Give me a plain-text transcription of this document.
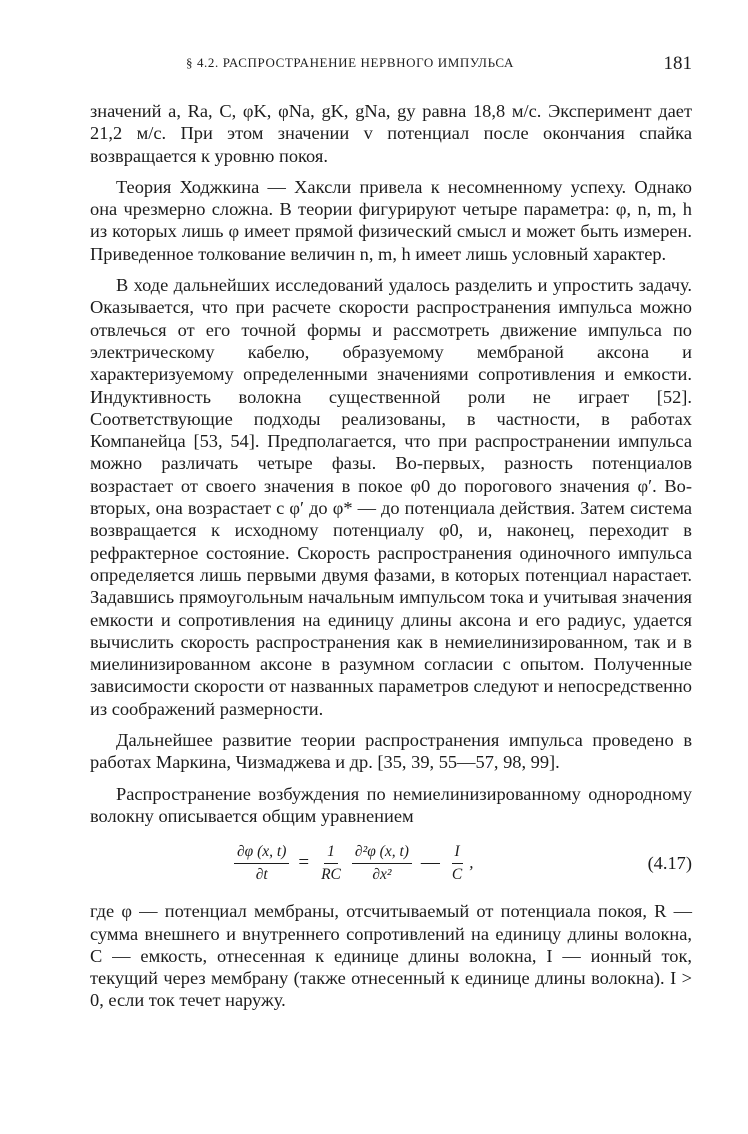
§ 4.2. РАСПРОСТРАНЕНИЕ НЕРВНОГО ИМПУЛЬСА	181

значений a, Ra, C, φK, φNa, gK, gNa, gy равна 18,8 м/с. Эксперимент дает 21,2 м/с. При этом значении v потенциал после окончания спайка возвращается к уровню покоя.

Теория Ходжкина — Хаксли привела к несомненному успеху. Однако она чрезмерно сложна. В теории фигурируют четыре параметра: φ, n, m, h из которых лишь φ имеет прямой физический смысл и может быть измерен. Приведенное толкование величин n, m, h имеет лишь условный характер.

В ходе дальнейших исследований удалось разделить и упростить задачу. Оказывается, что при расчете скорости распространения импульса можно отвлечься от его точной формы и рассмотреть движение импульса по электрическому кабелю, образуемому мембраной аксона и характеризуемому определенными значениями сопротивления и емкости. Индуктивность волокна существенной роли не играет [52]. Соответствующие подходы реализованы, в частности, в работах Компанейца [53, 54]. Предполагается, что при распространении импульса можно различать четыре фазы. Во-первых, разность потенциалов возрастает от своего значения в покое φ0 до порогового значения φ′. Во-вторых, она возрастает с φ′ до φ* — до потенциала действия. Затем система возвращается к исходному потенциалу φ0, и, наконец, переходит в рефрактерное состояние. Скорость распространения одиночного импульса определяется лишь первыми двумя фазами, в которых потенциал нарастает. Задавшись прямоугольным начальным импульсом тока и учитывая значения емкости и сопротивления на единицу длины аксона и его радиус, удается вычислить скорость распространения как в немиелинизированном, так и в миелинизированном аксоне в разумном согласии с опытом. Полученные зависимости скорости от названных параметров следуют и непосредственно из соображений размерности.

Дальнейшее развитие теории распространения импульса проведено в работах Маркина, Чизмаджева и др. [35, 39, 55—57, 98, 99].

Распространение возбуждения по немиелинизированному однородному волокну описывается общим уравнением

$\frac{\partial\varphi (x, t)}{\partial t} = \frac{1}{RC} \frac{\text{∂²φ (x, t)}}{\text{∂x²}}$ — $\frac{I}{C}$ ,	(4.17)

где φ — потенциал мембраны, отсчитываемый от потенциала покоя, R — сумма внешнего и внутреннего сопротивлений на единицу длины волокна, C — емкость, отнесенная к единице длины волокна, I — ионный ток, текущий через мембрану (также отнесенный к единице длины волокна). I > 0, если ток течет наружу.
